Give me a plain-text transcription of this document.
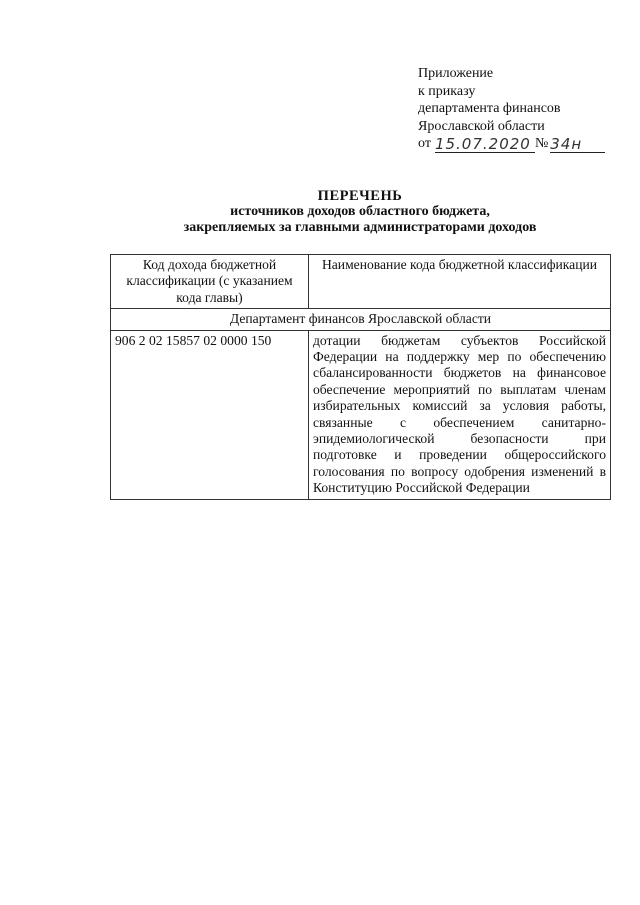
Приложение
к приказу
департамента финансов
Ярославской области
от 15.07.2020 № 34н
ПЕРЕЧЕНЬ
источников доходов областного бюджета,
закрепляемых за главными администраторами доходов
Код дохода бюджетной классификации (с указанием кода главы)	Наименование кода бюджетной классификации
Департамент финансов Ярославской области	
906 2 02 15857 02 0000 150	дотации бюджетам субъектов Российской Федерации на поддержку мер по обеспечению сбалансированности бюджетов на финансовое обеспечение мероприятий по выплатам членам избирательных комиссий за условия работы, связанные с обеспечением санитарно-эпидемиологической безопасности при подготовке и проведении общероссийского голосования по вопросу одобрения изменений в Конституцию Российской Федерации
